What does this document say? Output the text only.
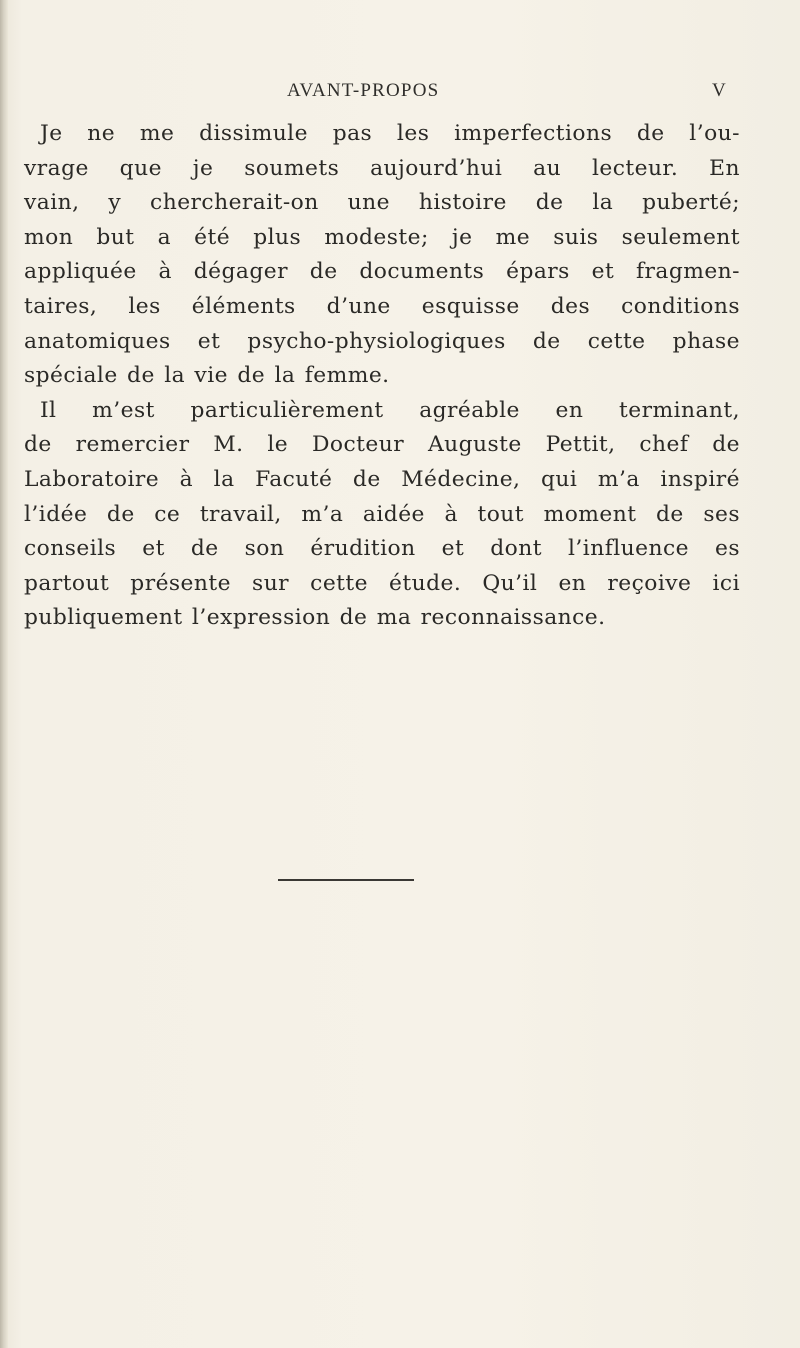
AVANT-PROPOS	V
Je ne me dissimule pas les imperfections de l’ou-
vrage que je soumets aujourd’hui au lecteur. En
vain, y chercherait-on une histoire de la puberté;
mon but a été plus modeste; je me suis seulement
appliquée à dégager de documents épars et fragmen-
taires, les éléments d’une esquisse des conditions
anatomiques et psycho-physiologiques de cette phase
spéciale de la vie de la femme.
Il m’est particulièrement agréable en terminant,
de remercier M. le Docteur Auguste Pettit, chef de
Laboratoire à la Facuté de Médecine, qui m’a inspiré
l’idée de ce travail, m’a aidée à tout moment de ses
conseils et de son érudition et dont l’influence es
partout présente sur cette étude. Qu’il en reçoive ici
publiquement l’expression de ma reconnaissance.
